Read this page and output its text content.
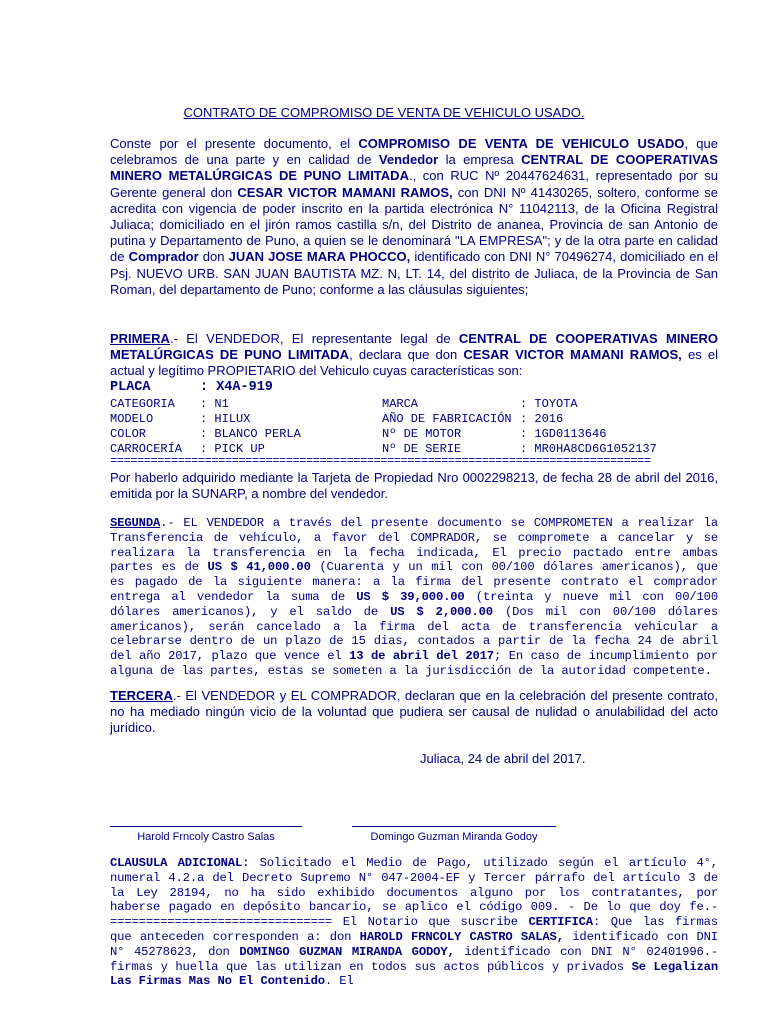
CONTRATO DE COMPROMISO DE VENTA DE VEHICULO USADO.
Conste por el presente documento, el COMPROMISO DE VENTA DE VEHICULO USADO, que celebramos de una parte y en calidad de Vendedor la empresa CENTRAL DE COOPERATIVAS MINERO METALÚRGICAS DE PUNO LIMITADA., con RUC Nº 20447624631, representado por su Gerente general don CESAR VICTOR MAMANI RAMOS, con DNI Nº 41430265, soltero, conforme se acredita con vigencia de poder inscrito en la partida electrónica N° 11042113, de la Oficina Registral Juliaca; domiciliado en el jirón ramos castilla s/n, del Distrito de ananea, Provincia de san Antonio de putina y Departamento de Puno, a quien se le denominará "LA EMPRESA"; y de la otra parte en calidad de Comprador don JUAN JOSE MARA PHOCCO, identificado con DNI N° 70496274, domiciliado en el Psj. NUEVO URB. SAN JUAN BAUTISTA MZ. N, LT. 14, del distrito de Juliaca, de la Provincia de San Roman, del departamento de Puno; conforme a las cláusulas siguientes;
PRIMERA.- El VENDEDOR, El representante legal de CENTRAL DE COOPERATIVAS MINERO METALÚRGICAS DE PUNO LIMITADA, declara que don CESAR VICTOR MAMANI RAMOS, es el actual y legítimo PROPIETARIO del Vehiculo cuyas características son:
PLACA	: X4A-919
CATEGORIA : N1	MARCA	: TOYOTA
MODELO	: HILUX	AÑO DE FABRICACIÓN : 2016
COLOR	: BLANCO PERLA	Nº DE MOTOR	: 1GD0113646
CARROCERÍA : PICK UP	Nº DE SERIE	: MR0HA8CD6G1052137
================================================================================
Por haberlo adquirido mediante la Tarjeta de Propiedad Nro 0002298213, de fecha 28 de abril del 2016, emitida por la SUNARP, a nombre del vendedor.
SEGUNDA.- EL VENDEDOR a través del presente documento se COMPROMETEN a realizar la Transferencia de vehículo, a favor del COMPRADOR, se compromete a cancelar y se realizara la transferencia en la fecha indicada, El precio pactado entre ambas partes es de US $ 41,000.00 (Cuarenta y un mil con 00/100 dólares americanos), que es pagado de la siguiente manera: a la firma del presente contrato el comprador entrega al vendedor la suma de US $ 39,000.00 (treinta y nueve mil con 00/100 dólares americanos), y el saldo de US $ 2,000.00 (Dos mil con 00/100 dólares americanos), serán cancelado a la firma del acta de transferencia vehicular a celebrarse dentro de un plazo de 15 dias, contados a partir de la fecha 24 de abril del año 2017, plazo que vence el 13 de abril del 2017; En caso de incumplimiento por alguna de las partes, estas se someten a la jurisdicción de la autoridad competente.
TERCERA.- El VENDEDOR y EL COMPRADOR, declaran que en la celebración del presente contrato, no ha mediado ningún vicio de la voluntad que pudiera ser causal de nulidad o anulabilidad del acto jurídico.
Juliaca, 24 de abril del 2017.
Harold Frncoly Castro Salas	Domingo Guzman Miranda Godoy
CLAUSULA ADICIONAL: Solicitado el Medio de Pago, utilizado según el artículo 4°, numeral 4.2.a del Decreto Supremo N° 047-2004-EF y Tercer párrafo del artículo 3 de la Ley 28194, no ha sido exhibido documentos alguno por los contratantes, por haberse pagado en depósito bancario, se aplico el código 009. - De lo que doy fe.-=============================== El Notario que suscribe CERTIFICA: Que las firmas que anteceden corresponden a: don HAROLD FRNCOLY CASTRO SALAS, identificado con DNI N° 45278623, don DOMINGO GUZMAN MIRANDA GODOY, identificado con DNI N° 02401996.- firmas y huella que las utilizan en todos sus actos públicos y privados Se Legalizan Las Firmas Mas No El Contenido. El
